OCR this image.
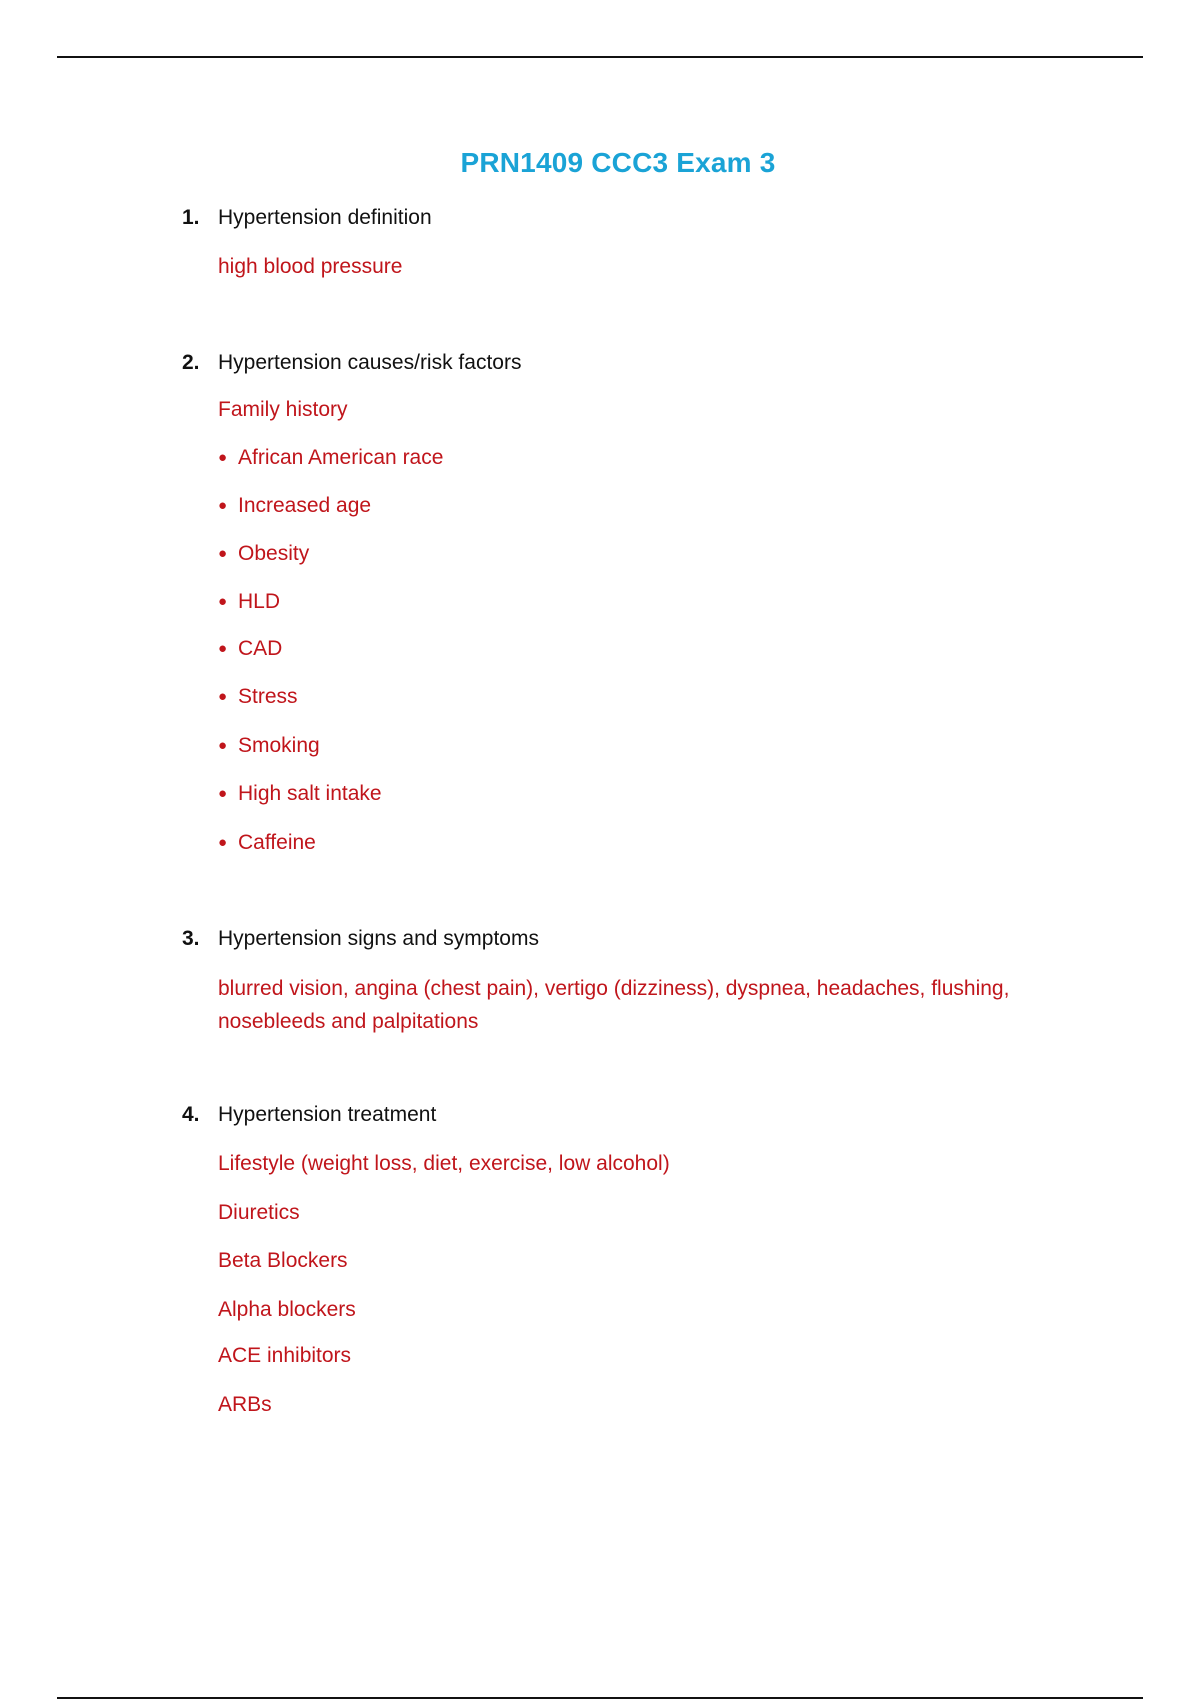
PRN1409 CCC3 Exam 3
1. Hypertension definition
high blood pressure
2. Hypertension causes/risk factors
Family history
● African American race
● Increased age
● Obesity
● HLD
● CAD
● Stress
● Smoking
● High salt intake
● Caffeine
3. Hypertension signs and symptoms
blurred vision, angina (chest pain), vertigo (dizziness), dyspnea, headaches, flushing, nosebleeds and palpitations
4. Hypertension treatment
Lifestyle (weight loss, diet, exercise, low alcohol)
Diuretics
Beta Blockers
Alpha blockers
ACE inhibitors
ARBs
